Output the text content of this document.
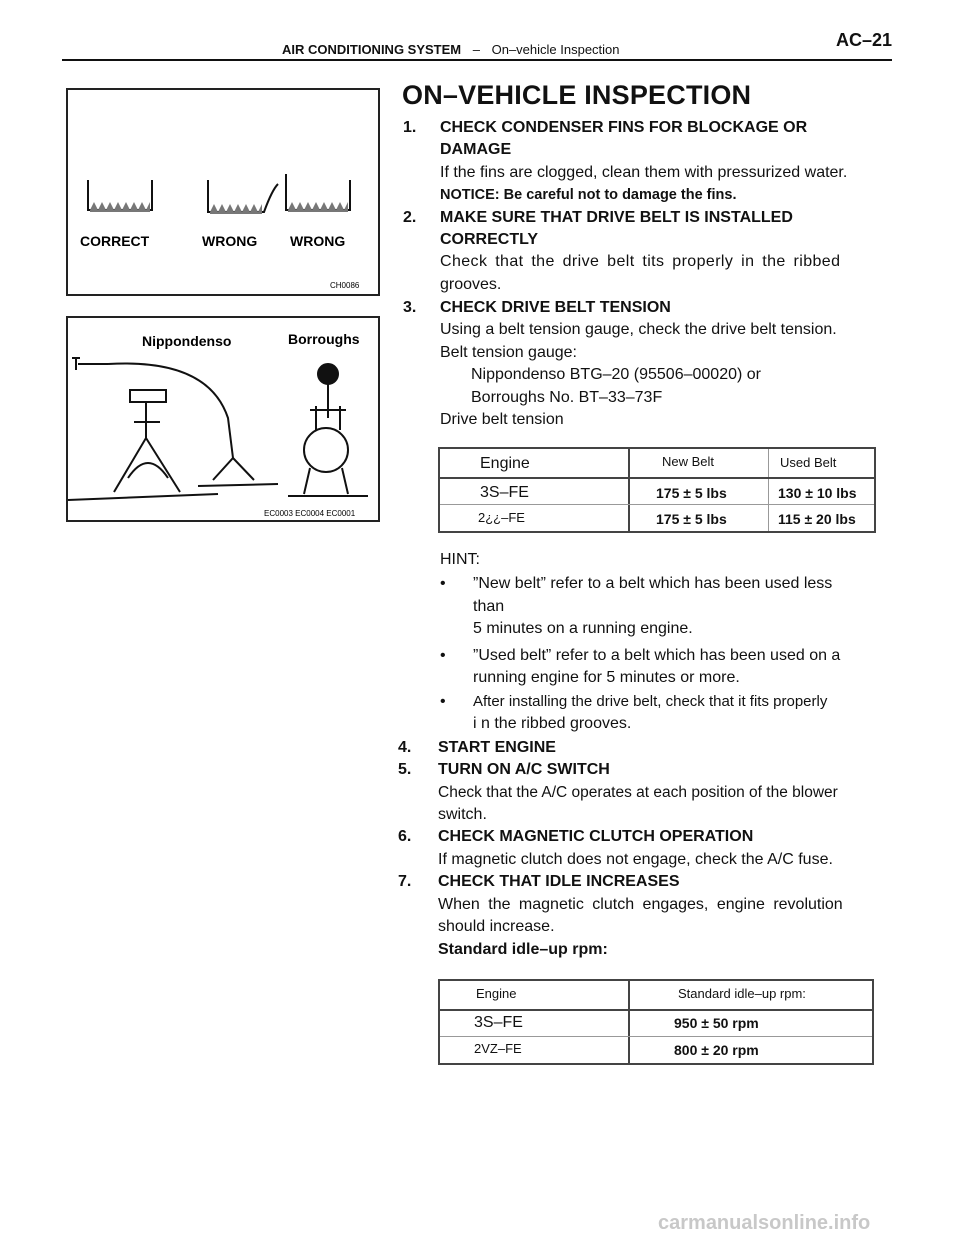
AIR CONDITIONING SYSTEM – On–vehicle Inspection	AC–21
CORRECT	WRONG WRONG
CH0086
Nippondenso	Borroughs
EC0003 EC0004 EC0001
ON–VEHICLE INSPECTION
1. CHECK CONDENSER FINS FOR BLOCKAGE OR
DAMAGE
If the fins are clogged, clean them with pressurized water.
NOTICE: Be careful not to damage the fins.
2. MAKE SURE THAT DRIVE BELT IS INSTALLED
CORRECTLY
Check that the drive belt tits properly in the ribbed
grooves.
3. CHECK DRIVE BELT TENSION
Using a belt tension gauge, check the drive belt tension.
Belt tension gauge:
Nippondenso BTG–20 (95506–00020) or
Borroughs No. BT–33–73F
Drive belt tension
Engine	New Belt	Used Belt
3S–FE	175 ± 5 lbs	130 ± 10 lbs
2¿¿–FE	175 ± 5 lbs	115 ± 20 lbs
HINT:
• ”New belt” refer to a belt which has been used less
than
5 minutes on a running engine.
• ”Used belt” refer to a belt which has been used on a
running engine for 5 minutes or more.
• After installing the drive belt, check that it fits properly
i n the ribbed grooves.
4. START ENGINE
5. TURN ON A/C SWITCH
Check that the A/C operates at each position of the blower
switch.
6. CHECK MAGNETIC CLUTCH OPERATION
If magnetic clutch does not engage, check the A/C fuse.
7. CHECK THAT IDLE INCREASES
When the magnetic clutch engages, engine revolution
should increase.
Standard idle–up rpm:
Engine	Standard idle–up rpm:
3S–FE	950 ± 50 rpm
2VZ–FE	800 ± 20 rpm
carmanualsonline.info
